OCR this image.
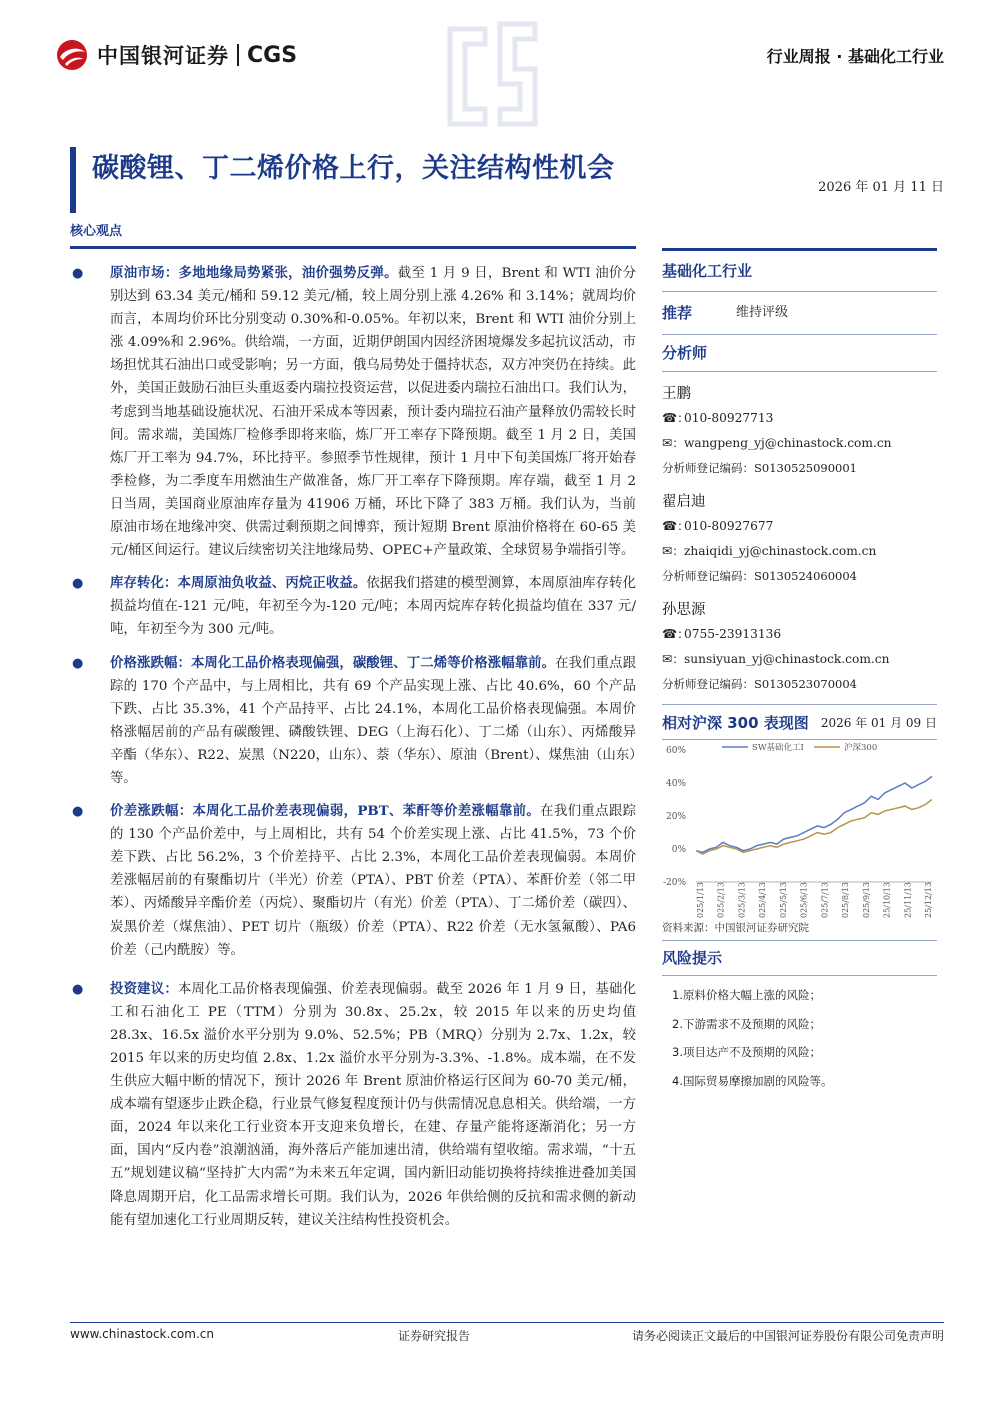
中国银河证券 CGS	行业周报 · 基础化工行业
碳酸锂、丁二烯价格上行，关注结构性机会
2026 年 01 月 11 日
核心观点
● 原油市场：多地地缘局势紧张，油价强势反弹。截至 1 月 9 日，Brent 和 WTI 油价分别达到 63.34 美元/桶和 59.12 美元/桶，较上周分别上涨 4.26% 和 3.14%；就周均价而言，本周均价环比分别变动 0.30%和-0.05%。年初以来，Brent 和 WTI 油价分别上涨 4.09%和 2.96%。供给端，一方面，近期伊朗国内因经济困境爆发多起抗议活动，市场担忧其石油出口或受影响；另一方面，俄乌局势处于僵持状态，双方冲突仍在持续。此外，美国正鼓励石油巨头重返委内瑞拉投资运营，以促进委内瑞拉石油出口。我们认为，考虑到当地基础设施状况、石油开采成本等因素，预计委内瑞拉石油产量释放仍需较长时间。需求端，美国炼厂检修季即将来临，炼厂开工率存下降预期。截至 1 月 2 日，美国炼厂开工率为 94.7%，环比持平。参照季节性规律，预计 1 月中下旬美国炼厂将开始春季检修，为二季度车用燃油生产做准备，炼厂开工率存下降预期。库存端，截至 1 月 2 日当周，美国商业原油库存量为 41906 万桶，环比下降了 383 万桶。我们认为，当前原油市场在地缘冲突、供需过剩预期之间博弈，预计短期 Brent 原油价格将在 60-65 美元/桶区间运行。建议后续密切关注地缘局势、OPEC+产量政策、全球贸易争端指引等。
● 库存转化：本周原油负收益、丙烷正收益。依据我们搭建的模型测算，本周原油库存转化损益均值在-121 元/吨，年初至今为-120 元/吨；本周丙烷库存转化损益均值在 337 元/吨，年初至今为 300 元/吨。
● 价格涨跌幅：本周化工品价格表现偏强，碳酸锂、丁二烯等价格涨幅靠前。在我们重点跟踪的 170 个产品中，与上周相比，共有 69 个产品实现上涨、占比 40.6%，60 个产品下跌、占比 35.3%，41 个产品持平、占比 24.1%，本周化工品价格表现偏强。本周价格涨幅居前的产品有碳酸锂、磷酸铁锂、DEG（上海石化）、丁二烯（山东）、丙烯酸异辛酯（华东）、R22、炭黑（N220，山东）、萘（华东）、原油（Brent）、煤焦油（山东）等。
● 价差涨跌幅：本周化工品价差表现偏弱，PBT、苯酐等价差涨幅靠前。在我们重点跟踪的 130 个产品价差中，与上周相比，共有 54 个价差实现上涨、占比 41.5%，73 个价差下跌、占比 56.2%，3 个价差持平、占比 2.3%，本周化工品价差表现偏弱。本周价差涨幅居前的有聚酯切片（半光）价差（PTA）、PBT 价差（PTA）、苯酐价差（邻二甲苯）、丙烯酸异辛酯价差（丙烷）、聚酯切片（有光）价差（PTA）、丁二烯价差（碳四）、炭黑价差（煤焦油）、PET 切片（瓶级）价差（PTA）、R22 价差（无水氢氟酸）、PA6 价差（己内酰胺）等。
● 投资建议：本周化工品价格表现偏强、价差表现偏弱。截至 2026 年 1 月 9 日，基础化工和石油化工 PE（TTM）分别为 30.8x、25.2x，较 2015 年以来的历史均值 28.3x、16.5x 溢价水平分别为 9.0%、52.5%；PB（MRQ）分别为 2.7x、1.2x，较 2015 年以来的历史均值 2.8x、1.2x 溢价水平分别为-3.3%、-1.8%。成本端，在不发生供应大幅中断的情况下，预计 2026 年 Brent 原油价格运行区间为 60-70 美元/桶，成本端有望逐步止跌企稳，行业景气修复程度预计仍与供需情况息息相关。供给端，一方面，2024 年以来化工行业资本开支迎来负增长，在建、存量产能将逐渐消化；另一方面，国内“反内卷”浪潮汹涌，海外落后产能加速出清，供给端有望收缩。需求端，“十五五”规划建议稿“坚持扩大内需”为未来五年定调，国内新旧动能切换将持续推进叠加美国降息周期开启，化工品需求增长可期。我们认为，2026 年供给侧的反抗和需求侧的新动能有望加速化工行业周期反转，建议关注结构性投资机会。
基础化工行业
推荐	维持评级
分析师
王鹏
☎：010-80927713
✉：wangpeng_yj@chinastock.com.cn
分析师登记编码：S0130525090001
翟启迪
☎：010-80927677
✉：zhaiqidi_yj@chinastock.com.cn
分析师登记编码：S0130524060004
孙思源
☎：0755-23913136
✉：sunsiyuan_yj@chinastock.com.cn
分析师登记编码：S0130523070004
相对沪深 300 表现图 2026 年 01 月 09 日
60%
40%
20%
0%
-20% 025/1/13 025/2/13 025/3/13 025/4/13 025/5/13 025/6/13 025/7/13 025/8/13 025/9/13 25/10/13 25/11/13 25/12/13
SW基础化工Ⅰ	沪深300
资料来源：中国银河证券研究院
风险提示
1.原料价格大幅上涨的风险；
2.下游需求不及预期的风险；
3.项目达产不及预期的风险；
4.国际贸易摩擦加剧的风险等。
www.chinastock.com.cn	证券研究报告	请务必阅读正文最后的中国银河证券股份有限公司免责声明
